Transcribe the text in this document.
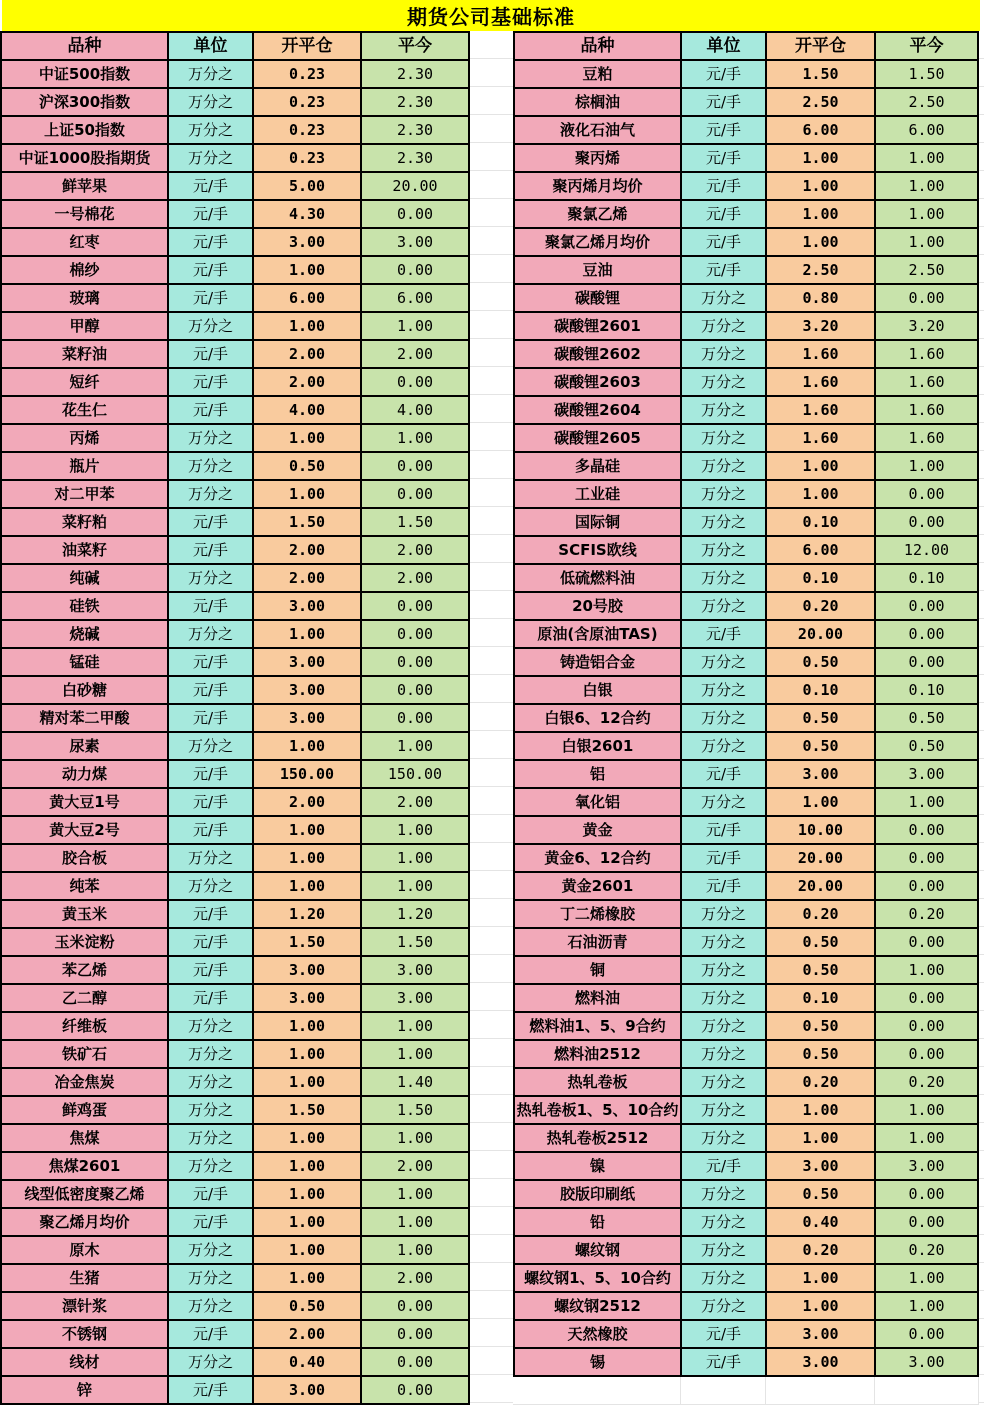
期货公司基础标准
品种	单位	开平仓	平今
中证500指数	万分之	0.23	2.30
沪深300指数	万分之	0.23	2.30
上证50指数	万分之	0.23	2.30
中证1000股指期货	万分之	0.23	2.30
鲜苹果	元/手	5.00	20.00
一号棉花	元/手	4.30	0.00
红枣	元/手	3.00	3.00
棉纱	元/手	1.00	0.00
玻璃	元/手	6.00	6.00
甲醇	万分之	1.00	1.00
菜籽油	元/手	2.00	2.00
短纤	元/手	2.00	0.00
花生仁	元/手	4.00	4.00
丙烯	万分之	1.00	1.00
瓶片	万分之	0.50	0.00
对二甲苯	万分之	1.00	0.00
菜籽粕	元/手	1.50	1.50
油菜籽	元/手	2.00	2.00
纯碱	万分之	2.00	2.00
硅铁	元/手	3.00	0.00
烧碱	万分之	1.00	0.00
锰硅	元/手	3.00	0.00
白砂糖	元/手	3.00	0.00
精对苯二甲酸	元/手	3.00	0.00
尿素	万分之	1.00	1.00
动力煤	元/手	150.00	150.00
黄大豆1号	元/手	2.00	2.00
黄大豆2号	元/手	1.00	1.00
胶合板	万分之	1.00	1.00
纯苯	万分之	1.00	1.00
黄玉米	元/手	1.20	1.20
玉米淀粉	元/手	1.50	1.50
苯乙烯	元/手	3.00	3.00
乙二醇	元/手	3.00	3.00
纤维板	万分之	1.00	1.00
铁矿石	万分之	1.00	1.00
冶金焦炭	万分之	1.00	1.40
鲜鸡蛋	万分之	1.50	1.50
焦煤	万分之	1.00	1.00
焦煤2601	万分之	1.00	2.00
线型低密度聚乙烯	元/手	1.00	1.00
聚乙烯月均价	元/手	1.00	1.00
原木	万分之	1.00	1.00
生猪	万分之	1.00	2.00
漂针浆	万分之	0.50	0.00
不锈钢	元/手	2.00	0.00
线材	万分之	0.40	0.00
锌	元/手	3.00	0.00
品种	单位	开平仓	平今
豆粕	元/手	1.50	1.50
棕榈油	元/手	2.50	2.50
液化石油气	元/手	6.00	6.00
聚丙烯	元/手	1.00	1.00
聚丙烯月均价	元/手	1.00	1.00
聚氯乙烯	元/手	1.00	1.00
聚氯乙烯月均价	元/手	1.00	1.00
豆油	元/手	2.50	2.50
碳酸锂	万分之	0.80	0.00
碳酸锂2601	万分之	3.20	3.20
碳酸锂2602	万分之	1.60	1.60
碳酸锂2603	万分之	1.60	1.60
碳酸锂2604	万分之	1.60	1.60
碳酸锂2605	万分之	1.60	1.60
多晶硅	万分之	1.00	1.00
工业硅	万分之	1.00	0.00
国际铜	万分之	0.10	0.00
SCFIS欧线	万分之	6.00	12.00
低硫燃料油	万分之	0.10	0.10
20号胶	万分之	0.20	0.00
原油(含原油TAS)	元/手	20.00	0.00
铸造铝合金	万分之	0.50	0.00
白银	万分之	0.10	0.10
白银6、12合约	万分之	0.50	0.50
白银2601	万分之	0.50	0.50
铝	元/手	3.00	3.00
氧化铝	万分之	1.00	1.00
黄金	元/手	10.00	0.00
黄金6、12合约	元/手	20.00	0.00
黄金2601	元/手	20.00	0.00
丁二烯橡胶	万分之	0.20	0.20
石油沥青	万分之	0.50	0.00
铜	万分之	0.50	1.00
燃料油	万分之	0.10	0.00
燃料油1、5、9合约	万分之	0.50	0.00
燃料油2512	万分之	0.50	0.00
热轧卷板	万分之	0.20	0.20
热轧卷板1、5、10合约	万分之	1.00	1.00
热轧卷板2512	万分之	1.00	1.00
镍	元/手	3.00	3.00
胶版印刷纸	万分之	0.50	0.00
铅	万分之	0.40	0.00
螺纹钢	万分之	0.20	0.20
螺纹钢1、5、10合约	万分之	1.00	1.00
螺纹钢2512	万分之	1.00	1.00
天然橡胶	元/手	3.00	0.00
锡	元/手	3.00	3.00
